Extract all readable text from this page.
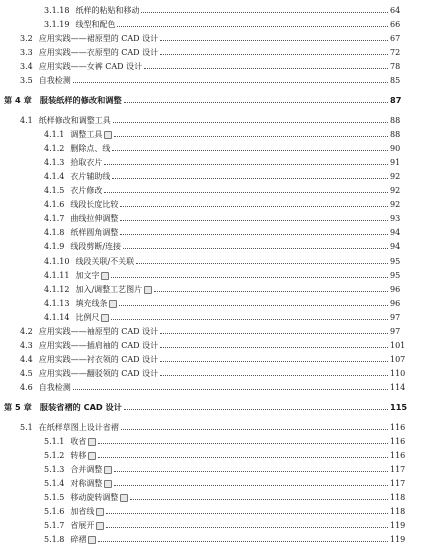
3.1.18 纸样的粘贴和移动	64
3.1.19 线型和配色	66
3.2 应用实践——裙原型的 CAD 设计	67
3.3 应用实践——衣原型的 CAD 设计	72
3.4 应用实践——女裤 CAD 设计	78
3.5 自我检测	85
第 4 章 服装纸样的修改和调整	87
4.1 纸样修改和调整工具	88
4.1.1 调整工具	88
4.1.2 删除点、线	90
4.1.3 拾取衣片	91
4.1.4 衣片辅助线	92
4.1.5 衣片修改	92
4.1.6 线段长度比较	92
4.1.7 曲线拉伸调整	93
4.1.8 纸样圆角调整	94
4.1.9 线段剪断/连接	94
4.1.10 线段关联/不关联	95
4.1.11 加文字	95
4.1.12 加入/调整工艺图片	96
4.1.13 填充线条	96
4.1.14 比例尺	97
4.2 应用实践——袖原型的 CAD 设计	97
4.3 应用实践——插肩袖的 CAD 设计	101
4.4 应用实践——衬衣领的 CAD 设计	107
4.5 应用实践——翻驳领的 CAD 设计	110
4.6 自我检测	114
第 5 章 服装省褶的 CAD 设计	115
5.1 在纸样草图上设计省褶	116
5.1.1 收省	116
5.1.2 转移	116
5.1.3 合并调整	117
5.1.4 对称调整	117
5.1.5 移动旋转调整	118
5.1.6 加省线	118
5.1.7 省展开	119
5.1.8 碎褶	119
